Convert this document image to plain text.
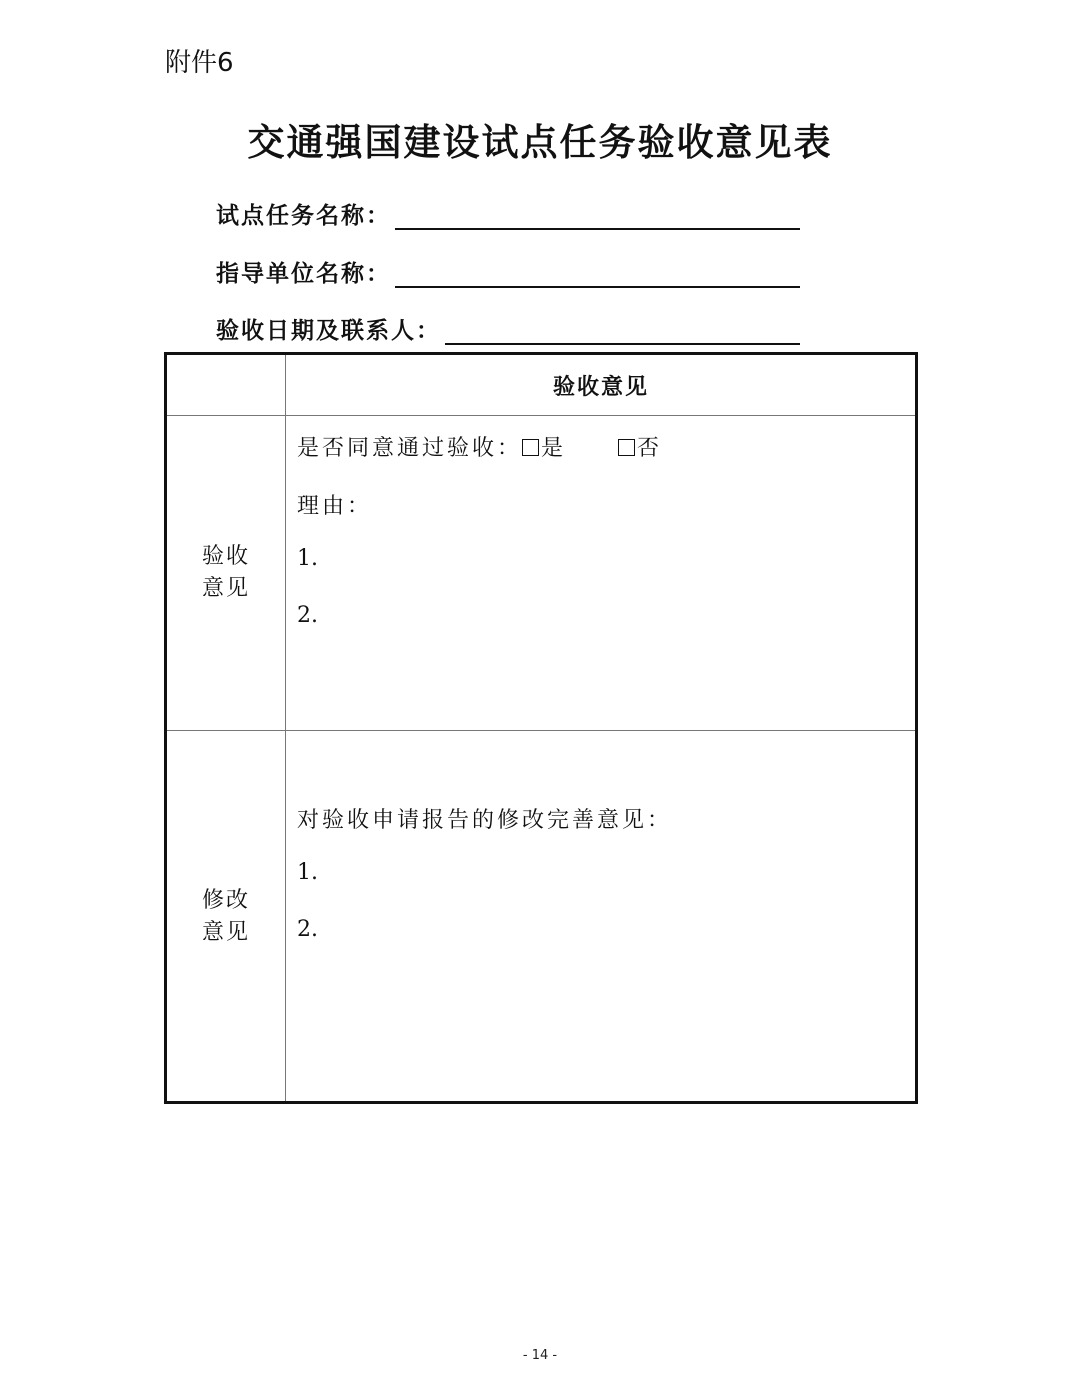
附件6
交通强国建设试点任务验收意见表
试点任务名称：
指导单位名称：
验收日期及联系人：
验收意见
验收
意见
是否同意通过验收： 是	否
理由：
1.
2.
修改
意见
对验收申请报告的修改完善意见：
1.
2.
- 14 -
